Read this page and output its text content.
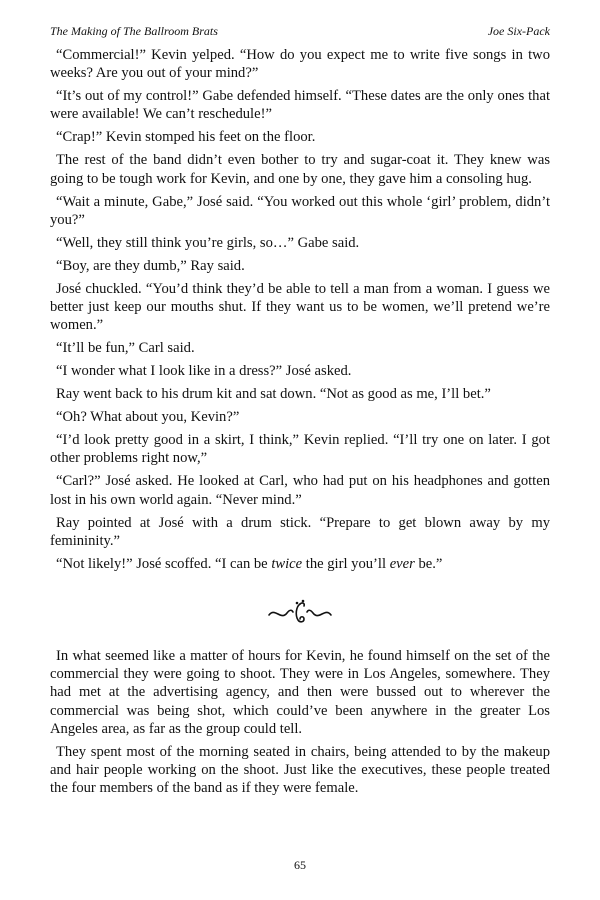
The Making of The Ballroom Brats	Joe Six-Pack

“Commercial!” Kevin yelped. “How do you expect me to write five songs in two weeks? Are you out of your mind?”

“It’s out of my control!” Gabe defended himself. “These dates are the only ones that were available! We can’t reschedule!”

“Crap!” Kevin stomped his feet on the floor.

The rest of the band didn’t even bother to try and sugar-coat it. They knew was going to be tough work for Kevin, and one by one, they gave him a consoling hug.

“Wait a minute, Gabe,” José said. “You worked out this whole ‘girl’ problem, didn’t you?”

“Well, they still think you’re girls, so…” Gabe said.

“Boy, are they dumb,” Ray said.

José chuckled. “You’d think they’d be able to tell a man from a woman. I guess we better just keep our mouths shut. If they want us to be women, we’ll pretend we’re women.”

“It’ll be fun,” Carl said.

“I wonder what I look like in a dress?” José asked.

Ray went back to his drum kit and sat down. “Not as good as me, I’ll bet.”

“Oh? What about you, Kevin?”

“I’d look pretty good in a skirt, I think,” Kevin replied. “I’ll try one on later. I got other problems right now,”

“Carl?” José asked. He looked at Carl, who had put on his headphones and gotten lost in his own world again. “Never mind.”

Ray pointed at José with a drum stick. “Prepare to get blown away by my femininity.”

“Not likely!” José scoffed. “I can be twice the girl you’ll ever be.”

In what seemed like a matter of hours for Kevin, he found himself on the set of the commercial they were going to shoot. They were in Los Angeles, somewhere. They had met at the advertising agency, and then were bussed out to wherever the commercial was being shot, which could’ve been anywhere in the greater Los Angeles area, as far as the group could tell.

They spent most of the morning seated in chairs, being attended to by the makeup and hair people working on the shoot. Just like the executives, these people treated the four members of the band as if they were female.

65
